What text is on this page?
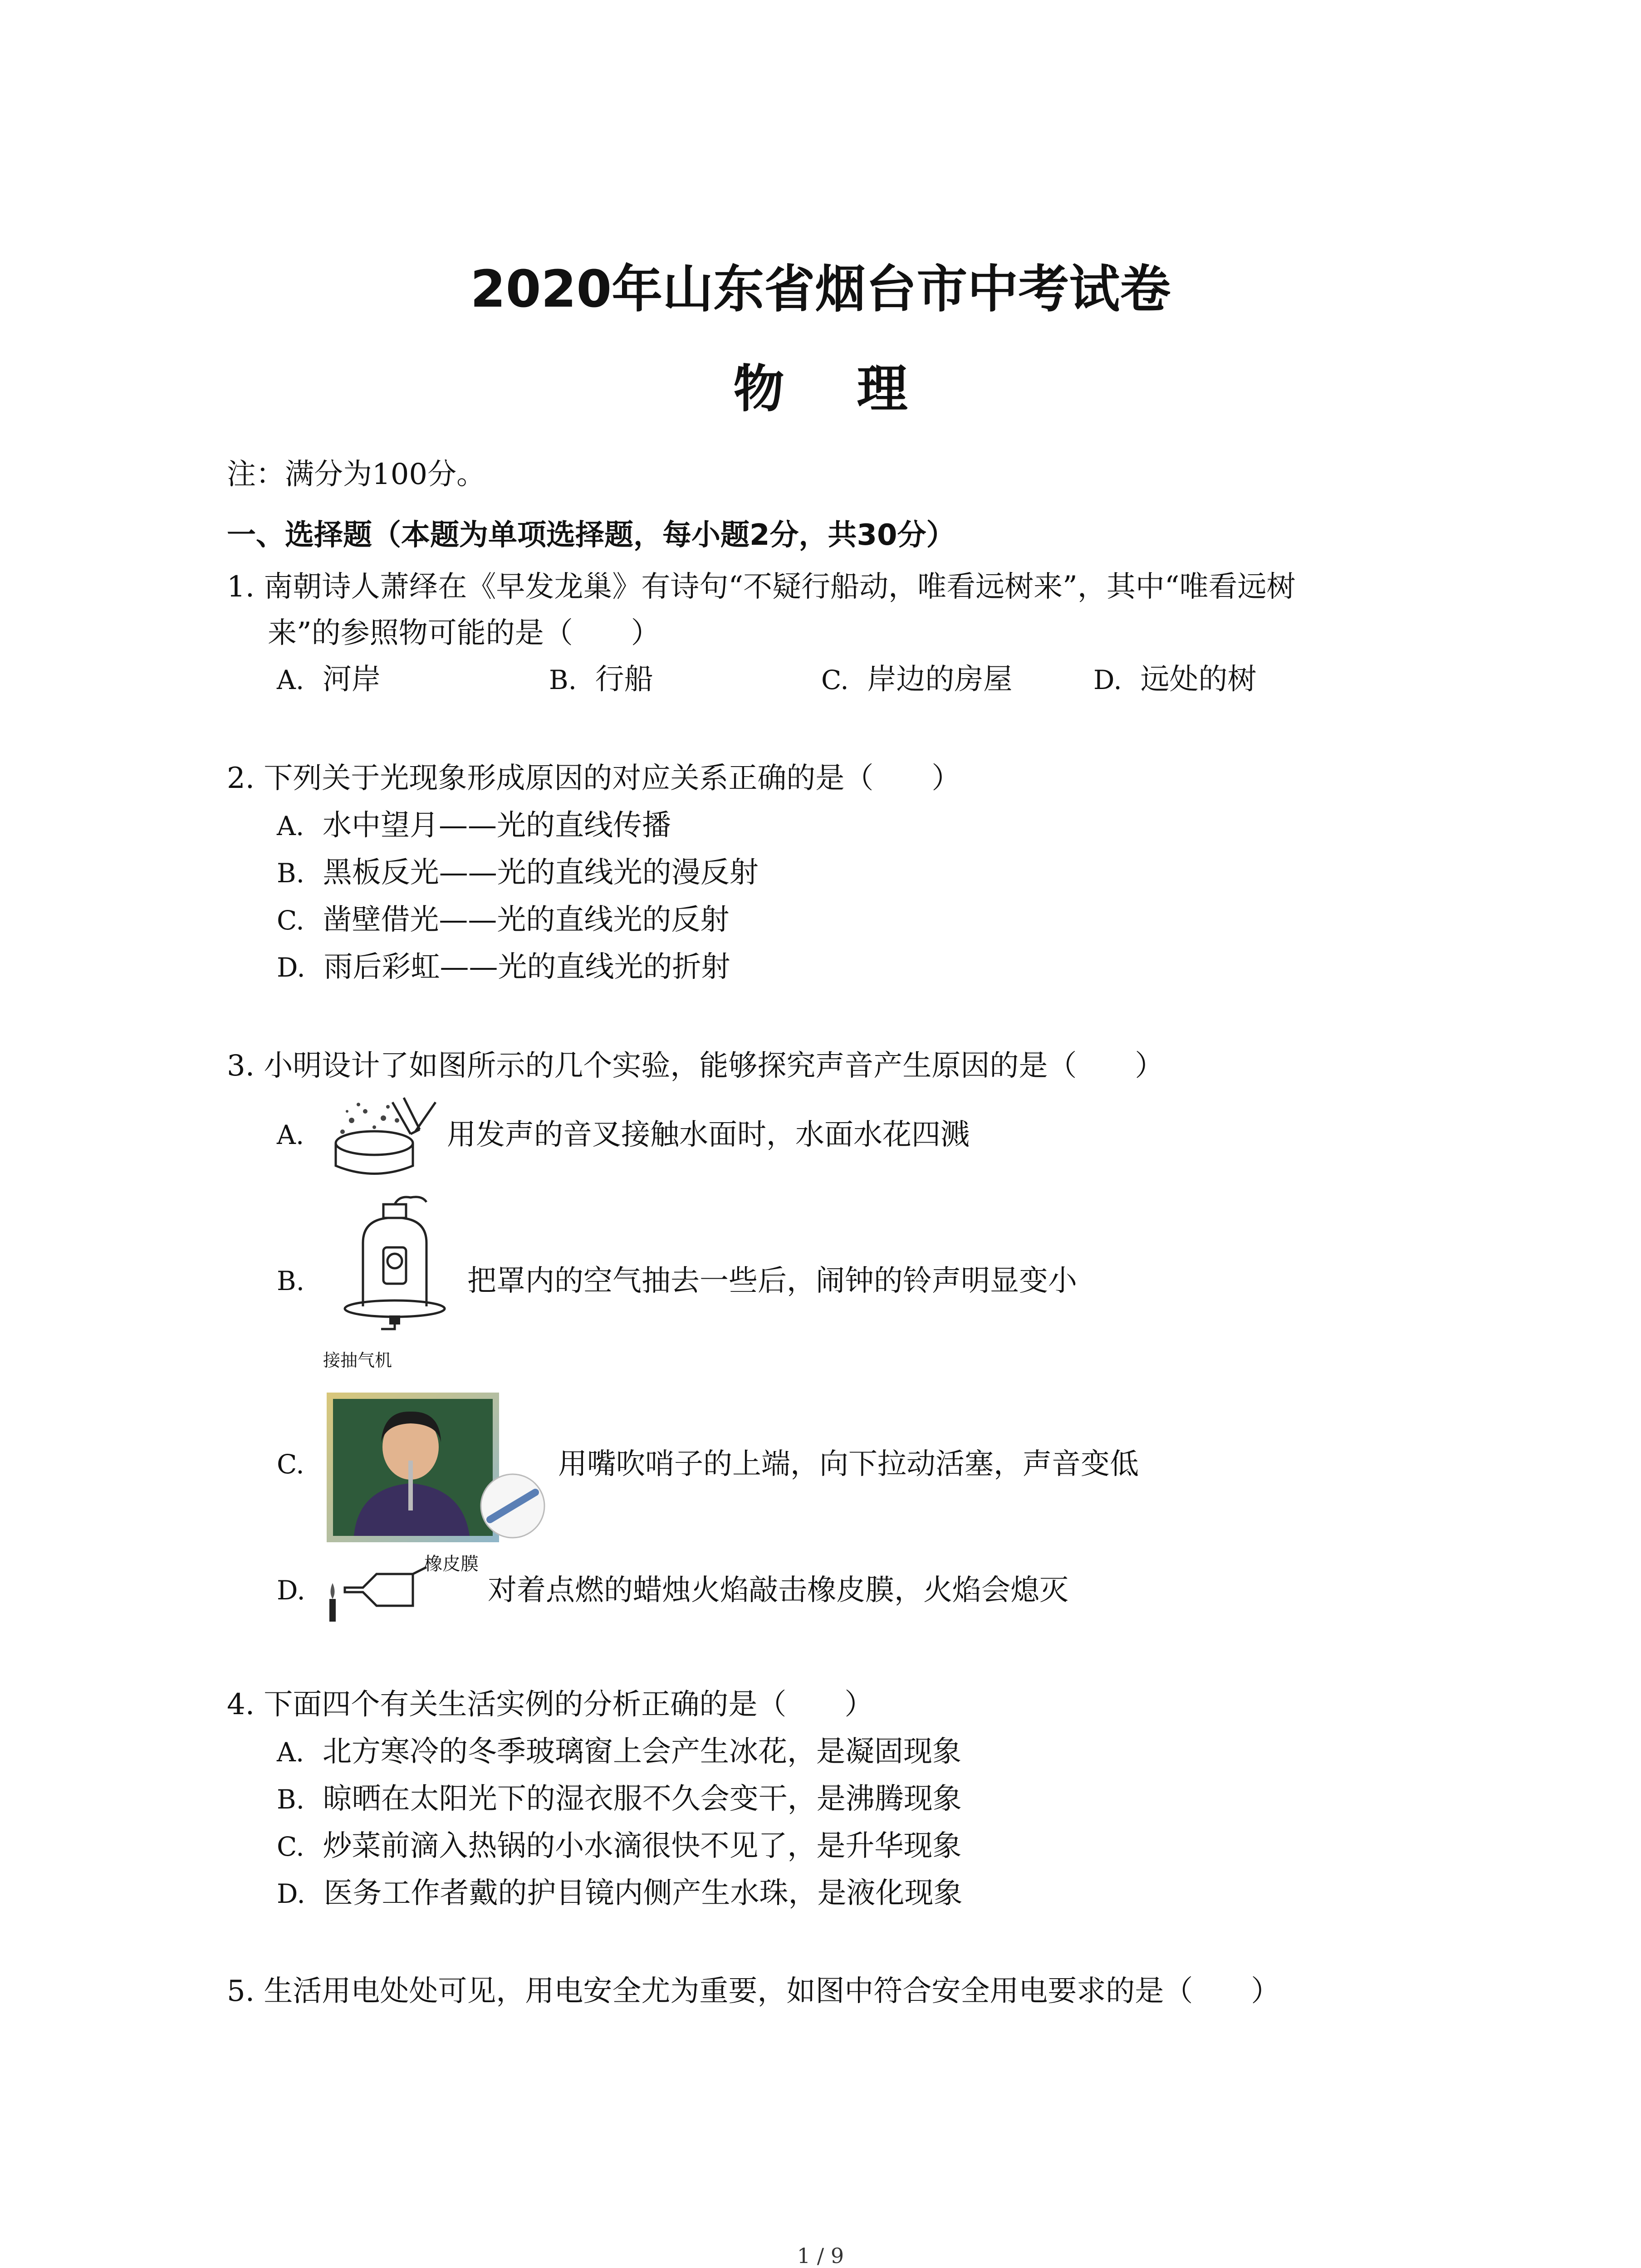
2020年山东省烟台市中考试卷
物理
注：满分为100分。
一、选择题（本题为单项选择题，每小题2分，共30分）
1. 南朝诗人萧绎在《早发龙巢》有诗句“不疑行船动，唯看远树来”，其中“唯看远树
来”的参照物可能的是（　　）
A. 河岸	B. 行船	C. 岸边的房屋	D. 远处的树
2. 下列关于光现象形成原因的对应关系正确的是（　　）
A. 水中望月——光的直线传播
B. 黑板反光——光的直线光的漫反射
C. 凿壁借光——光的直线光的反射
D. 雨后彩虹——光的直线光的折射
3. 小明设计了如图所示的几个实验，能够探究声音产生原因的是（　　）
A.	用发声的音叉接触水面时，水面水花四溅
B.
接抽气机
把罩内的空气抽去一些后，闹钟的铃声明显变小
C.	用嘴吹哨子的上端，向下拉动活塞，声音变低
D.
橡皮膜
对着点燃的蜡烛火焰敲击橡皮膜，火焰会熄灭
4. 下面四个有关生活实例的分析正确的是（　　）
A. 北方寒冷的冬季玻璃窗上会产生冰花，是凝固现象
B. 晾晒在太阳光下的湿衣服不久会变干，是沸腾现象
C. 炒菜前滴入热锅的小水滴很快不见了，是升华现象
D. 医务工作者戴的护目镜内侧产生水珠，是液化现象
5. 生活用电处处可见，用电安全尤为重要，如图中符合安全用电要求的是（　　）
1 / 9
